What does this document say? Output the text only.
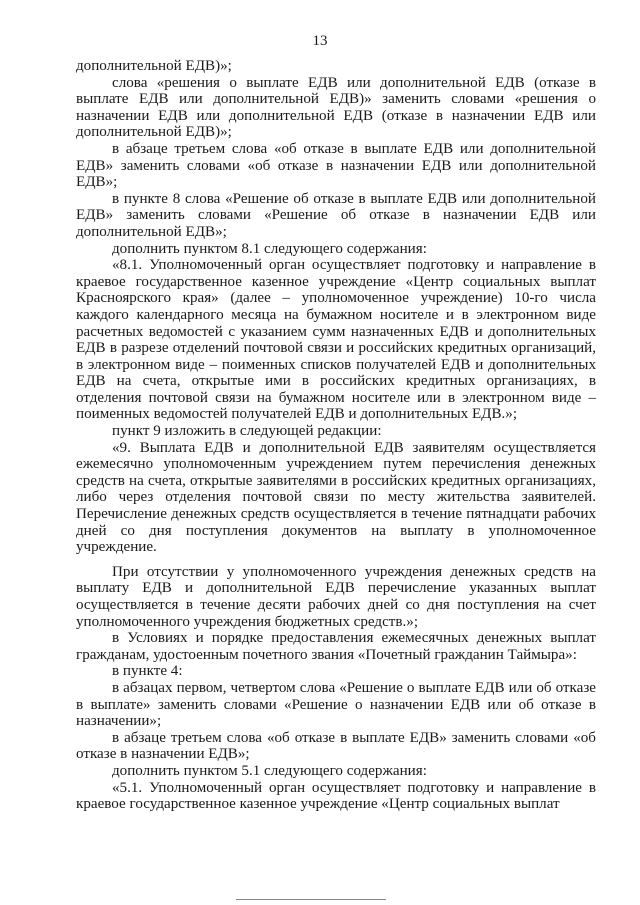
13

дополнительной ЕДВ)»;

слова «решения о выплате ЕДВ или дополнительной ЕДВ (отказе в выплате ЕДВ или дополнительной ЕДВ)» заменить словами «решения о назначении ЕДВ или дополнительной ЕДВ (отказе в назначении ЕДВ или дополнительной ЕДВ)»;

в абзаце третьем слова «об отказе в выплате ЕДВ или дополнительной ЕДВ» заменить словами «об отказе в назначении ЕДВ или дополнительной ЕДВ»;

в пункте 8 слова «Решение об отказе в выплате ЕДВ или дополнительной ЕДВ» заменить словами «Решение об отказе в назначении ЕДВ или дополнительной ЕДВ»;

дополнить пунктом 8.1 следующего содержания:

«8.1. Уполномоченный орган осуществляет подготовку и направление в краевое государственное казенное учреждение «Центр социальных выплат Красноярского края» (далее – уполномоченное учреждение) 10-го числа каждого календарного месяца на бумажном носителе и в электронном виде расчетных ведомостей с указанием сумм назначенных ЕДВ и дополнительных ЕДВ в разрезе отделений почтовой связи и российских кредитных организаций, в электронном виде – поименных списков получателей ЕДВ и дополнительных ЕДВ на счета, открытые ими в российских кредитных организациях, в отделения почтовой связи на бумажном носителе или в электронном виде – поименных ведомостей получателей ЕДВ и дополнительных ЕДВ.»;

пункт 9 изложить в следующей редакции:

«9. Выплата ЕДВ и дополнительной ЕДВ заявителям осуществляется ежемесячно уполномоченным учреждением путем перечисления денежных средств на счета, открытые заявителями в российских кредитных организациях, либо через отделения почтовой связи по месту жительства заявителей. Перечисление денежных средств осуществляется в течение пятнадцати рабочих дней со дня поступления документов на выплату в уполномоченное учреждение.

При отсутствии у уполномоченного учреждения денежных средств на выплату ЕДВ и дополнительной ЕДВ перечисление указанных выплат осуществляется в течение десяти рабочих дней со дня поступления на счет уполномоченного учреждения бюджетных средств.»;

в Условиях и порядке предоставления ежемесячных денежных выплат гражданам, удостоенным почетного звания «Почетный гражданин Таймыра»:

в пункте 4:

в абзацах первом, четвертом слова «Решение о выплате ЕДВ или об отказе в выплате» заменить словами «Решение о назначении ЕДВ или об отказе в назначении»;

в абзаце третьем слова «об отказе в выплате ЕДВ» заменить словами «об отказе в назначении ЕДВ»;

дополнить пунктом 5.1 следующего содержания:

«5.1. Уполномоченный орган осуществляет подготовку и направление в краевое государственное казенное учреждение «Центр социальных выплат
